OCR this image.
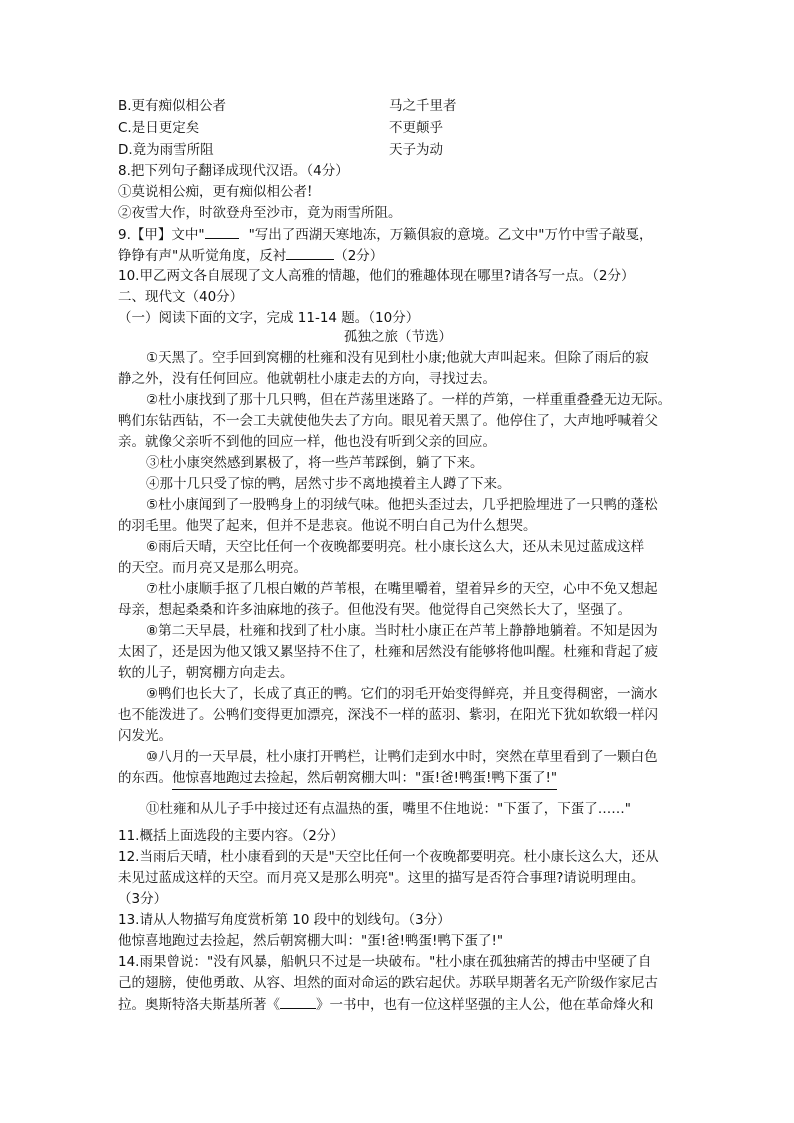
B.更有痴似相公者	马之千里者
C.是日更定矣	不更颠乎
D.竟为雨雪所阻	天子为动
8.把下列句子翻译成现代汉语。（4分）
①莫说相公痴，更有痴似相公者!
②夜雪大作，时欲登舟至沙市，竟为雨雪所阻。
9.【甲】文中"	"写出了西湖天寒地冻，万籁俱寂的意境。乙文中"万竹中雪子敲戛，
铮铮有声"从听觉角度，反衬	（2分）
10.甲乙两文各自展现了文人高雅的情趣，他们的雅趣体现在哪里?请各写一点。（2分）
二、现代文（40分）
（一）阅读下面的文字，完成 11-14 题。（10分）
孤独之旅（节选）
①天黑了。空手回到窝棚的杜雍和没有见到杜小康;他就大声叫起来。但除了雨后的寂
静之外，没有任何回应。他就朝杜小康走去的方向，寻找过去。
②杜小康找到了那十几只鸭，但在芦荡里迷路了。一样的芦第，一样重重叠叠无边无际。
鸭们东钻西钻，不一会工夫就使他失去了方向。眼见着天黑了。他停住了，大声地呼喊着父
亲。就像父亲听不到他的回应一样，他也没有听到父亲的回应。
③杜小康突然感到累极了，将一些芦苇踩倒，躺了下来。
④那十几只受了惊的鸭，居然寸步不离地摸着主人蹲了下来。
⑤杜小康闻到了一股鸭身上的羽绒气味。他把头歪过去，几乎把脸埋进了一只鸭的蓬松
的羽毛里。他哭了起来，但并不是悲哀。他说不明白自己为什么想哭。
⑥雨后天晴，天空比任何一个夜晚都要明亮。杜小康长这么大，还从未见过蓝成这样
的天空。而月亮又是那么明亮。
⑦杜小康顺手抠了几根白嫩的芦苇根，在嘴里嚼着，望着异乡的天空，心中不免又想起
母亲，想起桑桑和许多油麻地的孩子。但他没有哭。他觉得自己突然长大了，坚强了。
⑧第二天早晨，杜雍和找到了杜小康。当时杜小康正在芦苇上静静地躺着。不知是因为
太困了，还是因为他又饿又累坚持不住了，杜雍和居然没有能够将他叫醒。杜雍和背起了疲
软的儿子，朝窝棚方向走去。
⑨鸭们也长大了，长成了真正的鸭。它们的羽毛开始变得鲜亮，并且变得稠密，一滴水
也不能泼进了。公鸭们变得更加漂亮，深浅不一样的蓝羽、紫羽，在阳光下犹如软缎一样闪
闪发光。
⑩八月的一天早晨，杜小康打开鸭栏，让鸭们走到水中时，突然在草里看到了一颗白色
的东西。他惊喜地跑过去捡起，然后朝窝棚大叫："蛋!爸!鸭蛋!鸭下蛋了!"
⑪杜雍和从儿子手中接过还有点温热的蛋，嘴里不住地说："下蛋了，下蛋了……"
11.概括上面选段的主要内容。（2分）
12.当雨后天晴，杜小康看到的天是"天空比任何一个夜晚都要明亮。杜小康长这么大，还从
未见过蓝成这样的天空。而月亮又是那么明亮"。这里的描写是否符合事理?请说明理由。
（3分）
13.请从人物描写角度赏析第 10 段中的划线句。（3分）
他惊喜地跑过去捡起，然后朝窝棚大叫："蛋!爸!鸭蛋!鸭下蛋了!"
14.雨果曾说："没有风暴，船帆只不过是一块破布。"杜小康在孤独痛苦的搏击中坚硬了自
己的翅膀，使他勇敢、从容、坦然的面对命运的跌宕起伏。苏联早期著名无产阶级作家尼古
拉。奥斯特洛夫斯基所著《	》一书中，也有一位这样坚强的主人公，他在革命烽火和
